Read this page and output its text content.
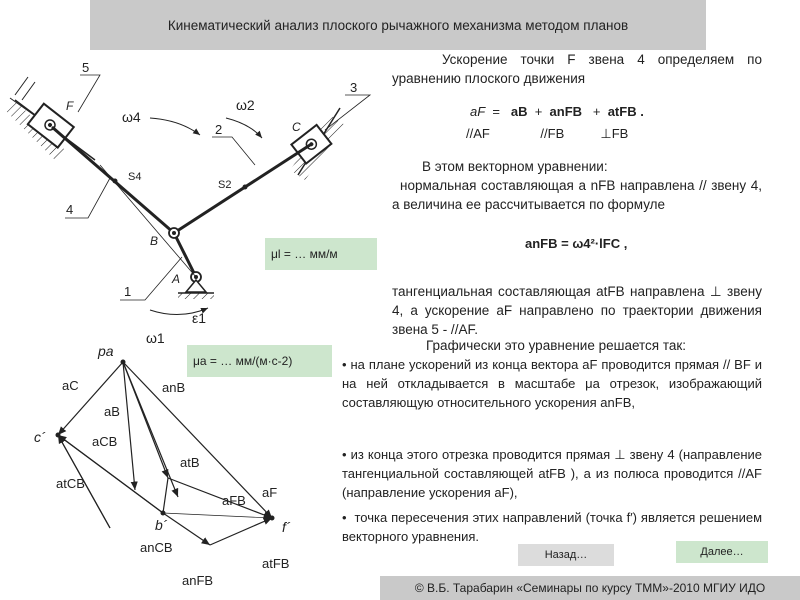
Кинематический анализ плоского рычажного механизма методом планов
5
3
2
4
1
F
C
B
A
ω4
ω2
ω1
ε1
S4
S2
pa
c´
b´	f´
aC
aB
aCB
anB
atB
atCB
anCB
aFB
aF
anFB
atFB
μl = … мм/м
μa = … мм/(м·с-2)
Ускорение точки F звена 4 определяем по уравнению плоского движения
aF = aB + anFB + atFB .
//AF	//FB	⊥FB
В этом векторном уравнении:
нормальная составляющая a nFB направлена // звену 4, а величина ее рассчитывается по формуле
anFB = ω4²·lFC ,
тангенциальная составляющая atFB направлена ⊥ звену 4, а ускорение aF направлено по траектории движения звена 5 - //AF.
Графически это уравнение решается так:
• на плане ускорений из конца вектора aF проводится прямая // BF и на ней откладывается в масштабе μa отрезок, изображающий составляющую относительного ускорения anFB,
• из конца этого отрезка проводится прямая ⊥ звену 4 (направление тангенциальной составляющей atFB ), а из полюса проводится //AF (направление ускорения aF),
•  точка пересечения этих направлений (точка f′) является решением векторного уравнения.
Назад…	Далее…
© В.Б. Тарабарин «Семинары по курсу ТММ»-2010 МГИУ ИДО
